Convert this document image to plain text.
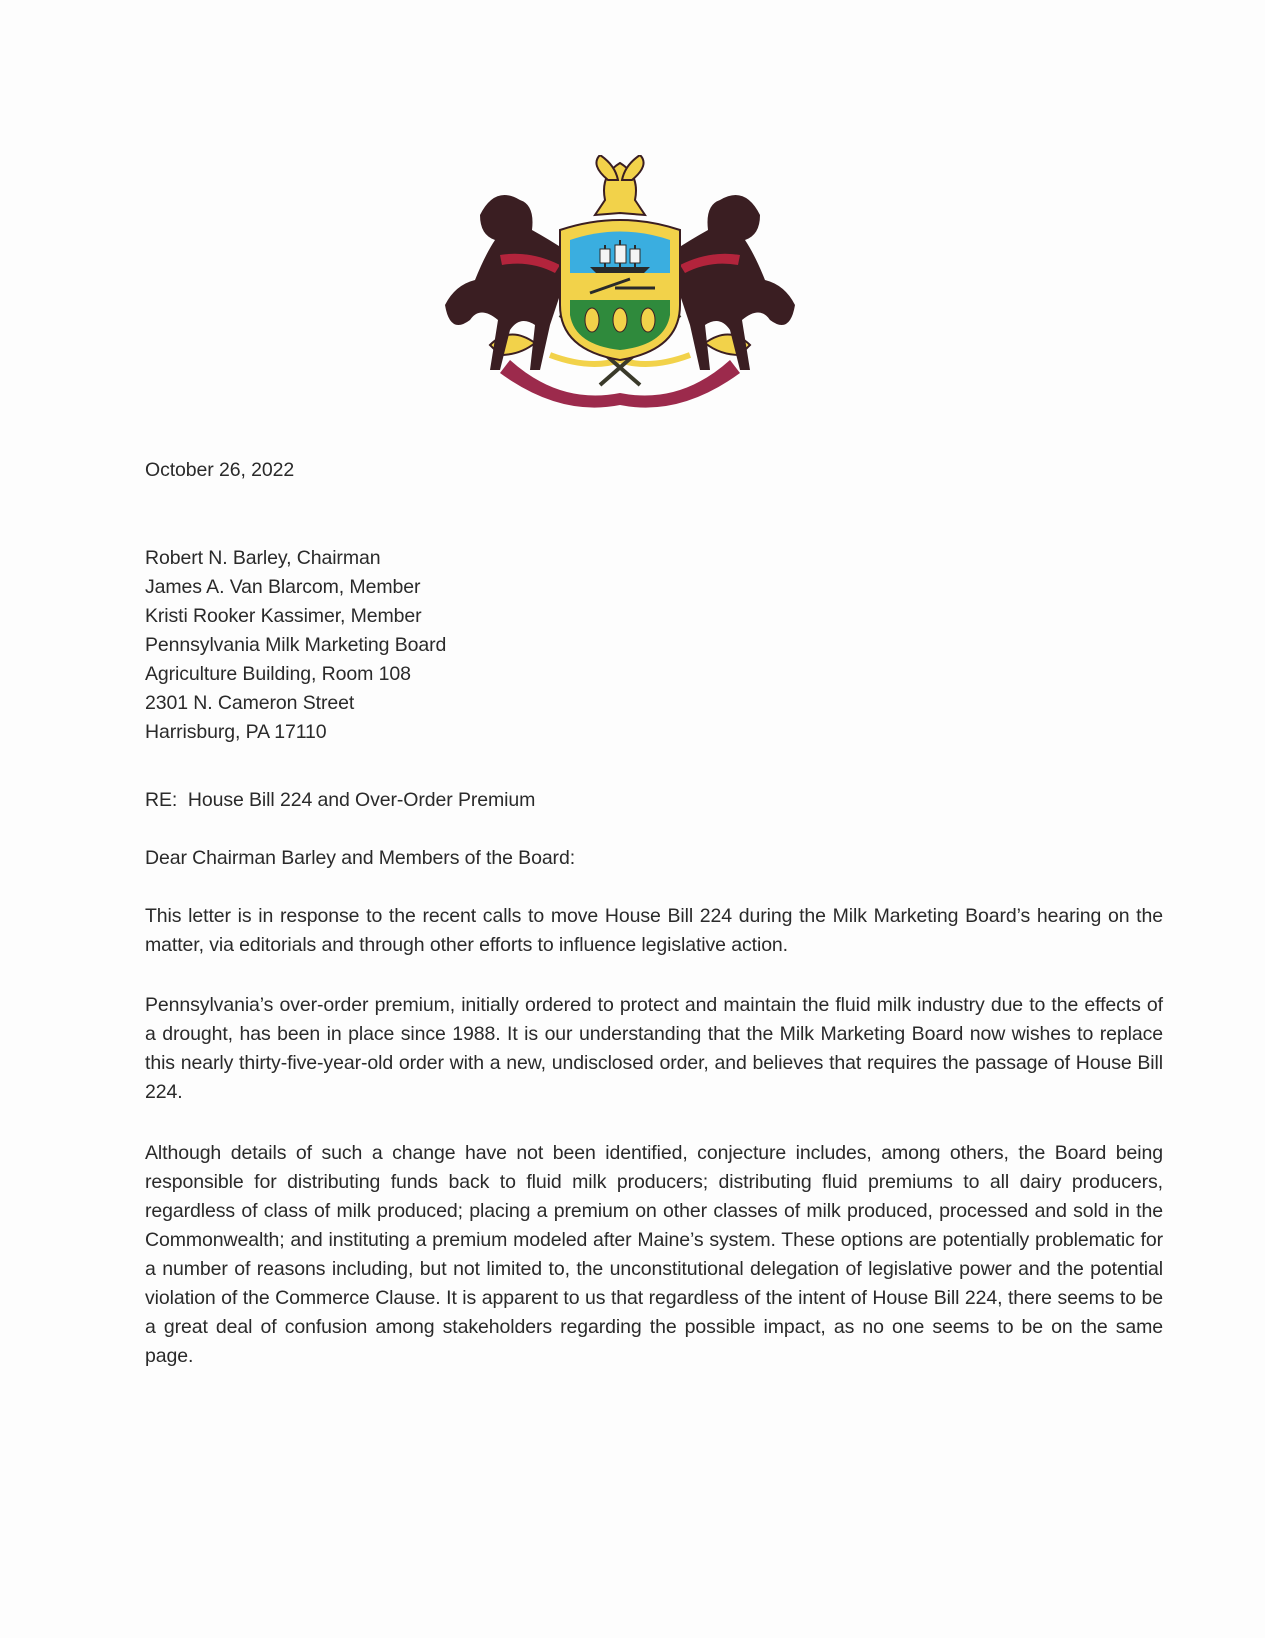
October 26, 2022
Robert N. Barley, Chairman
James A. Van Blarcom, Member
Kristi Rooker Kassimer, Member
Pennsylvania Milk Marketing Board
Agriculture Building, Room 108
2301 N. Cameron Street
Harrisburg, PA 17110
RE:  House Bill 224 and Over-Order Premium
Dear Chairman Barley and Members of the Board:
This letter is in response to the recent calls to move House Bill 224 during the Milk Marketing Board’s hearing on the matter, via editorials and through other efforts to influence legislative action.
Pennsylvania’s over-order premium, initially ordered to protect and maintain the fluid milk industry due to the effects of a drought, has been in place since 1988. It is our understanding that the Milk Marketing Board now wishes to replace this nearly thirty-five-year-old order with a new, undisclosed order, and believes that requires the passage of House Bill 224.
Although details of such a change have not been identified, conjecture includes, among others, the Board being responsible for distributing funds back to fluid milk producers; distributing fluid premiums to all dairy producers, regardless of class of milk produced; placing a premium on other classes of milk produced, processed and sold in the Commonwealth; and instituting a premium modeled after Maine’s system. These options are potentially problematic for a number of reasons including, but not limited to, the unconstitutional delegation of legislative power and the potential violation of the Commerce Clause. It is apparent to us that regardless of the intent of House Bill 224, there seems to be a great deal of confusion among stakeholders regarding the possible impact, as no one seems to be on the same page.
